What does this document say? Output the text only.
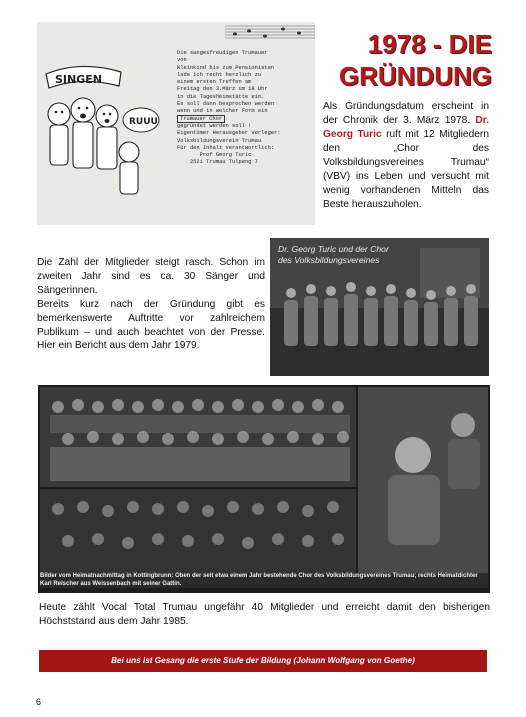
SINGEN
RUUU
Die sangesfreudigen Trumauer
von
Kleinkind bis zum Pensionisten
lade ich recht herzlich zu
einem ersten Treffen am
Freitag den 3.März um 18 Uhr
in die Tagesheimstätte ein.
Es soll dann besprochen werden
wenn und in welcher Form ein
Trumauer Chor
gegründet werden soll !
Eigentümer Herausgeber Verleger:
Volksbildungsverein Trumau
Für den Inhalt verantwortlich:
Prof Georg Turic
2521 Trumau Tulpeng 7
1978 - DIE
GRÜNDUNG
Als Gründungsdatum erscheint in der Chronik der 3. März 1978. Dr. Georg Turic ruft mit 12 Mitgliedern den „Chor des Volksbildungsvereines Trumau“ (VBV) ins Leben und versucht mit wenig vorhandenen Mitteln das Beste herauszuholen.
Die Zahl der Mitglieder steigt rasch. Schon im zweiten Jahr sind es ca. 30 Sänger und Sängerinnen.
Bereits kurz nach der Gründung gibt es bemerkenswerte Auftritte vor zahlreichem Publikum – und auch beachtet von der Presse. Hier ein Bericht aus dem Jahr 1979.
Dr. Georg Turic und der Chor
des Volksbildungsvereines
Bilder vom Heimatnachmittag in Kottingbrunn: Oben der seit etwa einem Jahr bestehende Chor des Volksbildungsvereines Trumau; rechts Heimatdichter Karl Reischer aus Weissenbach mit seiner Gattin.
Heute zählt Vocal Total Trumau ungefähr 40 Mitglieder und erreicht damit den bisherigen Höchststand aus dem Jahr 1985.
Bei uns ist Gesang die erste Stufe der Bildung (Johann Wolfgang von Goethe)
6
